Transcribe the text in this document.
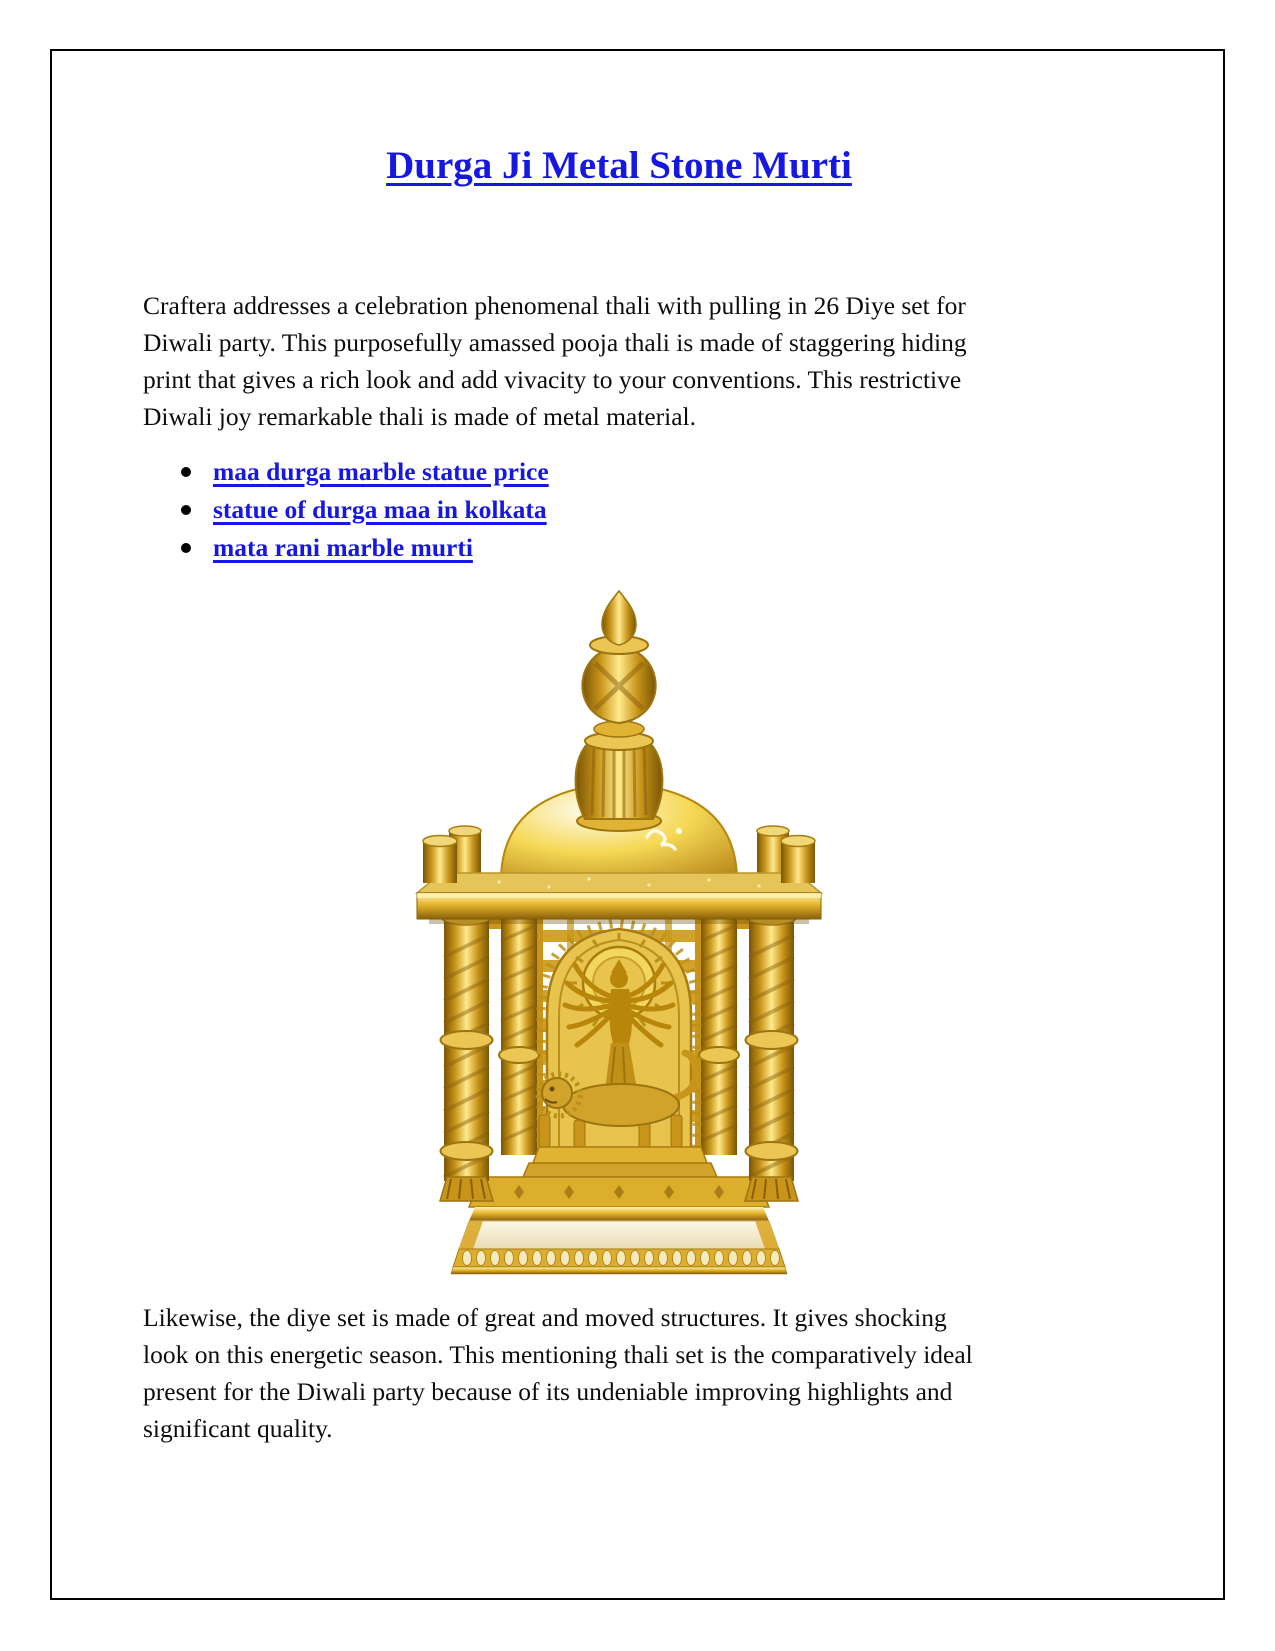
Durga Ji Metal Stone Murti
Craftera addresses a celebration phenomenal thali with pulling in 26 Diye set for
Diwali party. This purposefully amassed pooja thali is made of staggering hiding
print that gives a rich look and add vivacity to your conventions. This restrictive
Diwali joy remarkable thali is made of metal material.
maa durga marble statue price
statue of durga maa in kolkata
mata rani marble murti
Likewise, the diye set is made of great and moved structures. It gives shocking
look on this energetic season. This mentioning thali set is the comparatively ideal
present for the Diwali party because of its undeniable improving highlights and
significant quality.
